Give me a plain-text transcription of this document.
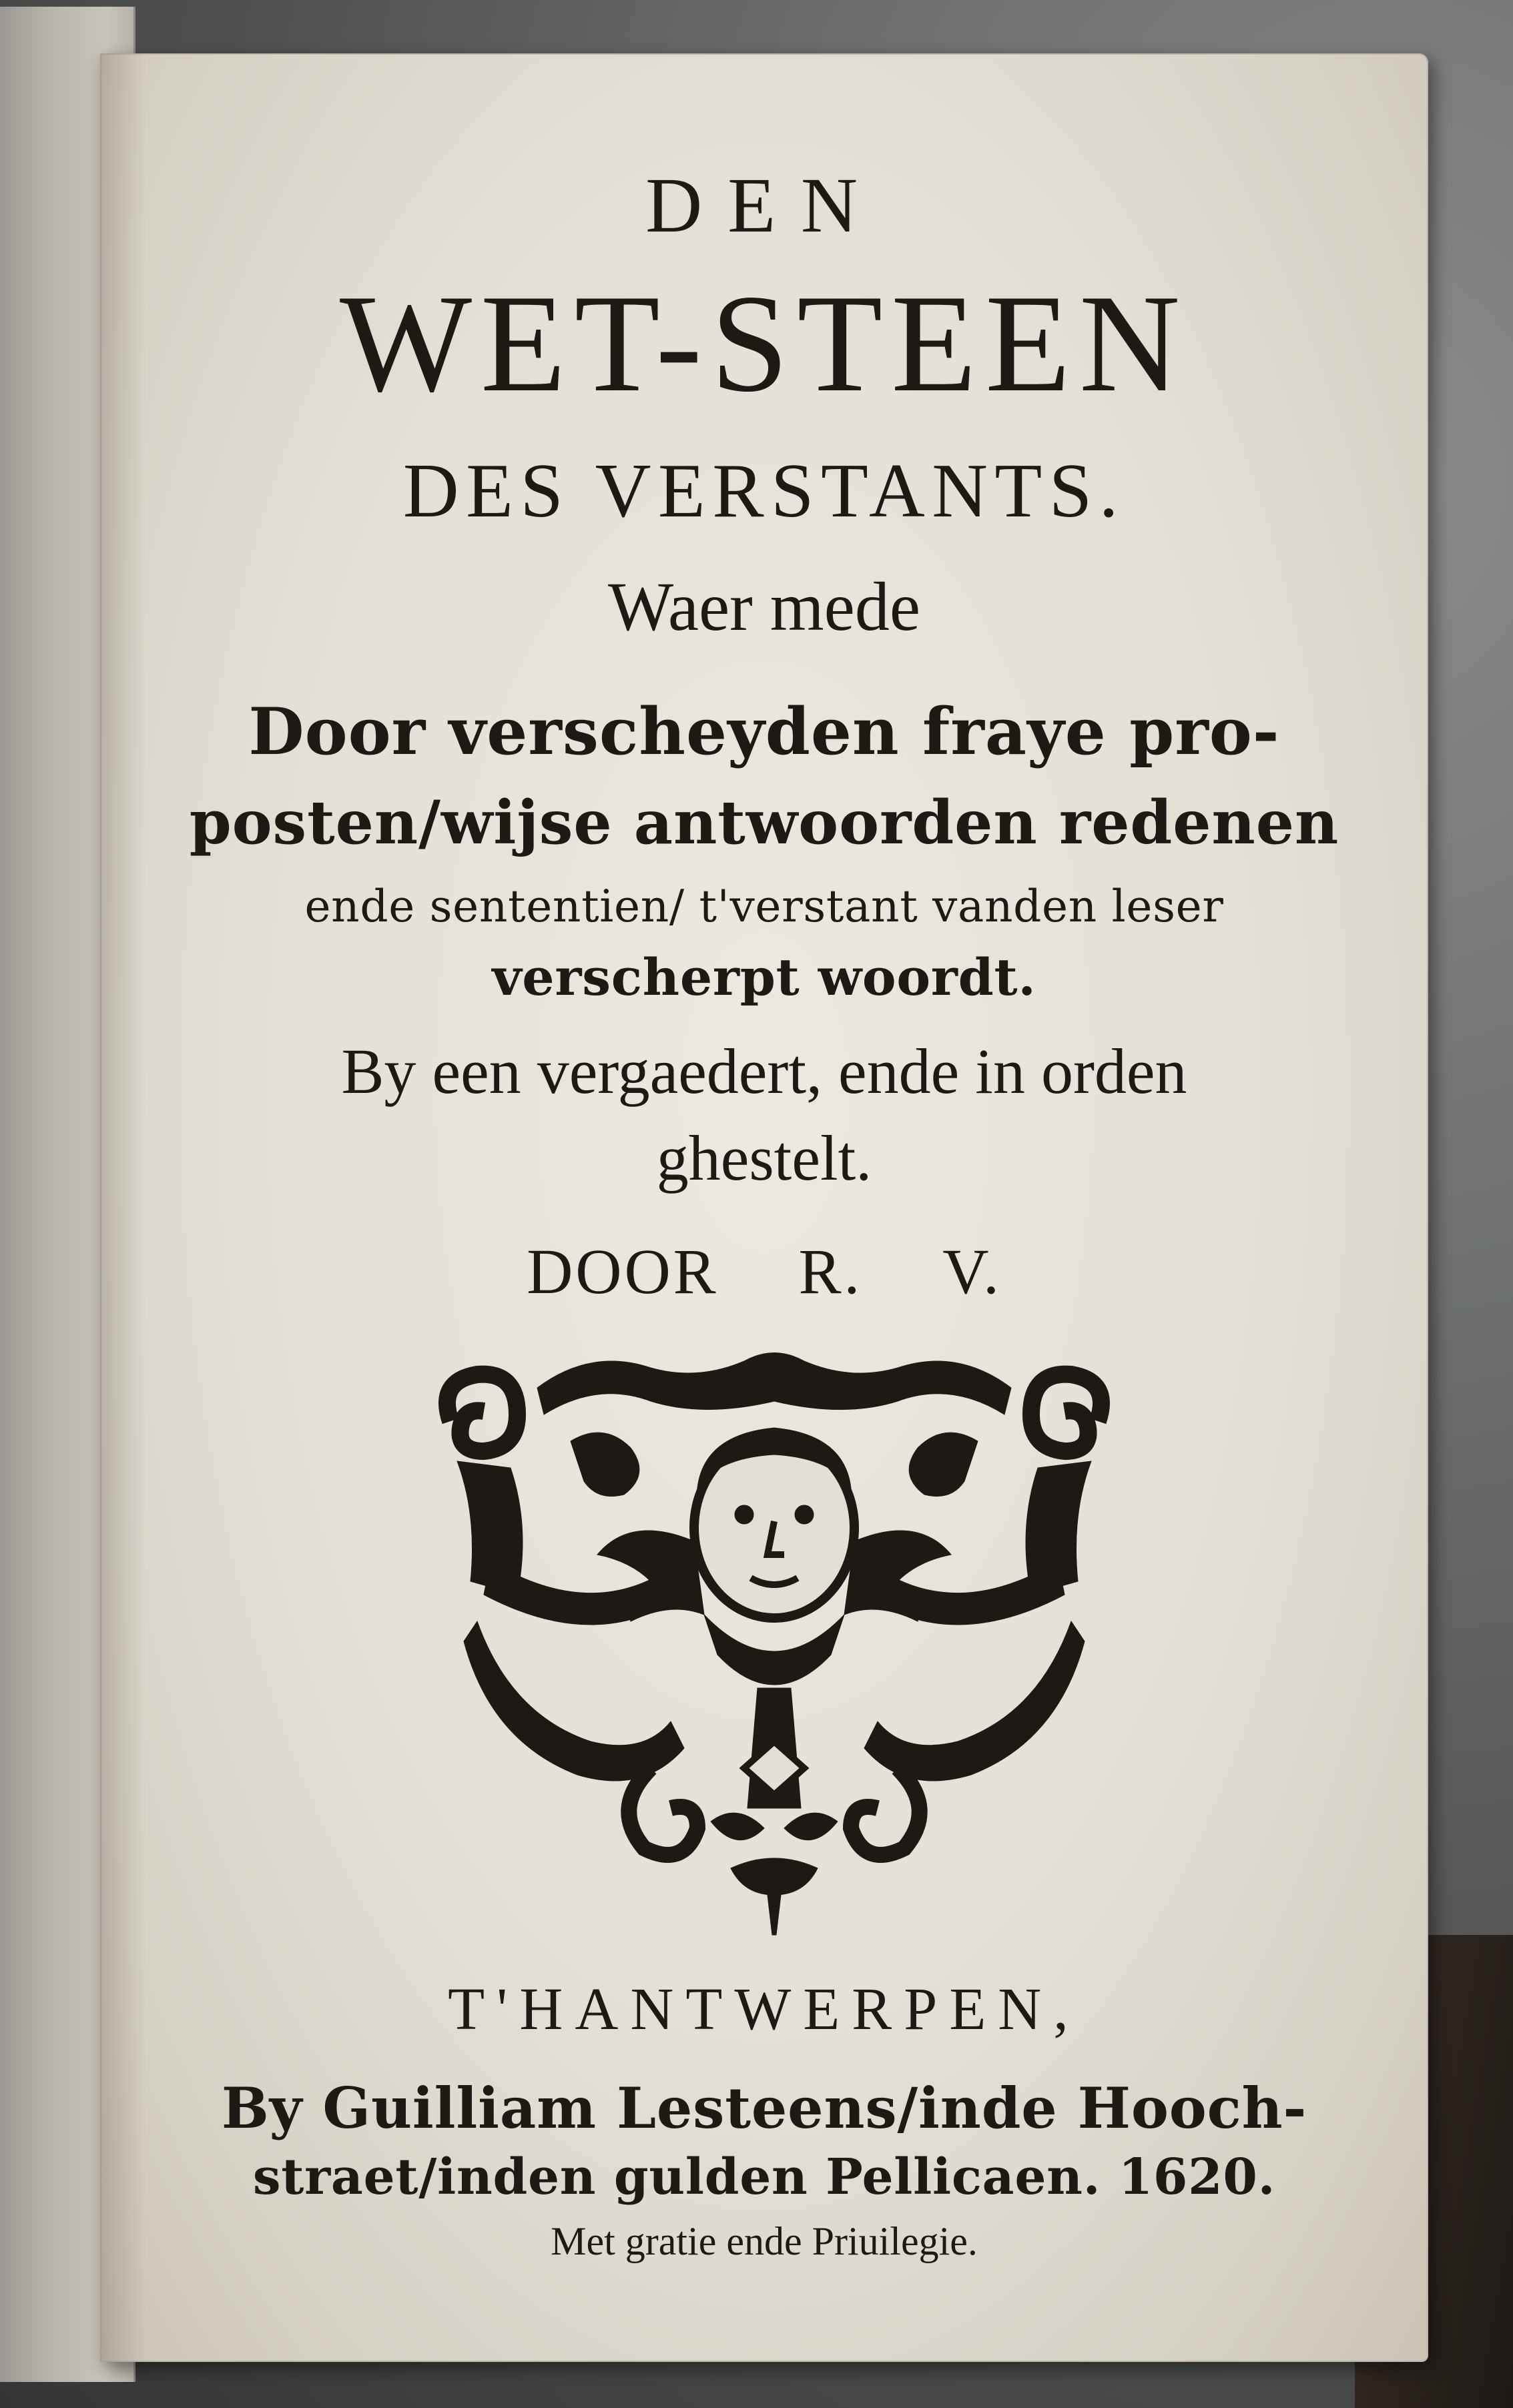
DEN

WET-STEEN

DES VERSTANTS.

Waer mede

Door verscheyden fraye pro-

posten/wijse antwoorden redenen

ende sententien/ t'verstant vanden leser

verscherpt woordt.

By een vergaedert, ende in orden

ghestelt.

DOOR R. V.

T'HANTWERPEN,

By Guilliam Lesteens/inde Hooch-

straet/inden gulden Pellicaen. 1620.

Met gratie ende Priuilegie.
